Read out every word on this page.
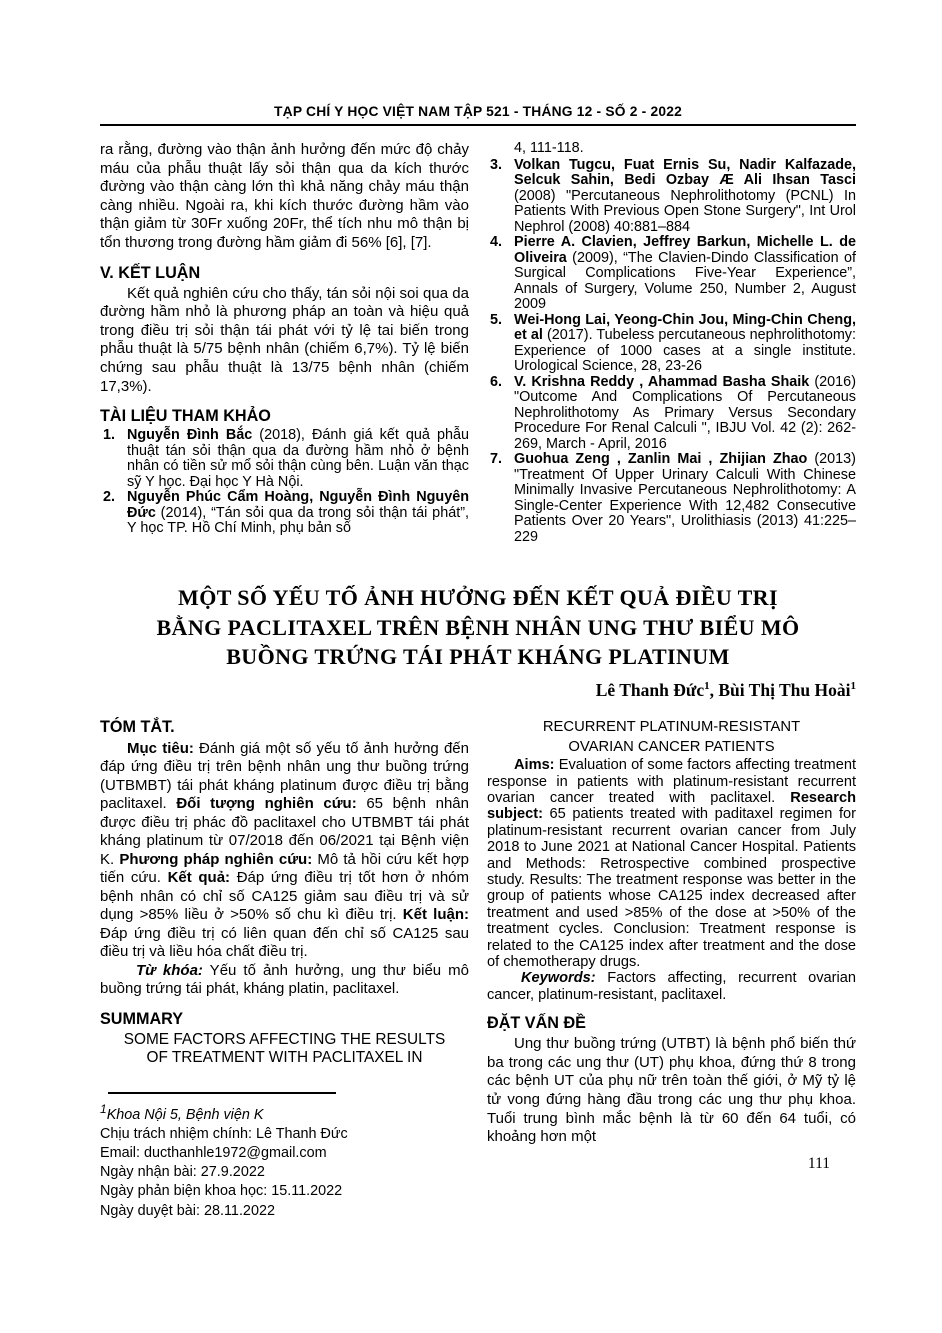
TẠP CHÍ Y HỌC VIỆT NAM TẬP 521 - THÁNG 12 - SỐ 2 - 2022

ra rằng, đường vào thận ảnh hưởng đến mức độ chảy máu của phẫu thuật lấy sỏi thận qua da kích thước đường vào thận càng lớn thì khả năng chảy máu thận càng nhiều. Ngoài ra, khi kích thước đường hầm vào thận giảm từ 30Fr xuống 20Fr, thể tích nhu mô thận bị tổn thương trong đường hầm giảm đi 56% [6], [7].

V. KẾT LUẬN

Kết quả nghiên cứu cho thấy, tán sỏi nội soi qua da đường hầm nhỏ là phương pháp an toàn và hiệu quả trong điều trị sỏi thận tái phát với tỷ lệ tai biến trong phẫu thuật là 5/75 bệnh nhân (chiếm 6,7%). Tỷ lệ biến chứng sau phẫu thuật là 13/75 bệnh nhân (chiếm 17,3%).

TÀI LIỆU THAM KHẢO
1. Nguyễn Đình Bắc (2018), Đánh giá kết quả phẫu thuật tán sỏi thận qua da đường hầm nhỏ ở bệnh nhân có tiền sử mổ sỏi thận cùng bên. Luận văn thạc sỹ Y học. Đại học Y Hà Nội.
2. Nguyễn Phúc Cẩm Hoàng, Nguyễn Đình Nguyên Đức (2014), “Tán sỏi qua da trong sỏi thận tái phát”, Y học TP. Hồ Chí Minh, phụ bản số
4, 111-118.
3. Volkan Tugcu, Fuat Ernis Su, Nadir Kalfazade, Selcuk Sahin, Bedi Ozbay Æ Ali Ihsan Tasci (2008) "Percutaneous Nephrolithotomy (PCNL) In Patients With Previous Open Stone Surgery", Int Urol Nephrol (2008) 40:881–884
4. Pierre A. Clavien, Jeffrey Barkun, Michelle L. de Oliveira (2009), “The Clavien-Dindo Classification of Surgical Complications Five-Year Experience”, Annals of Surgery, Volume 250, Number 2, August 2009
5. Wei-Hong Lai, Yeong-Chin Jou, Ming-Chin Cheng, et al (2017). Tubeless percutaneous nephrolithotomy: Experience of 1000 cases at a single institute. Urological Science, 28, 23-26
6. V. Krishna Reddy , Ahammad Basha Shaik (2016) "Outcome And Complications Of Percutaneous Nephrolithotomy As Primary Versus Secondary Procedure For Renal Calculi ", IBJU Vol. 42 (2): 262-269, March - April, 2016
7. Guohua Zeng , Zanlin Mai , Zhijian Zhao (2013) "Treatment Of Upper Urinary Calculi With Chinese Minimally Invasive Percutaneous Nephrolithotomy: A Single-Center Experience With 12,482 Consecutive Patients Over 20 Years", Urolithiasis (2013) 41:225–229
MỘT SỐ YẾU TỐ ẢNH HƯỞNG ĐẾN KẾT QUẢ ĐIỀU TRỊ
BẰNG PACLITAXEL TRÊN BỆNH NHÂN UNG THƯ BIỂU MÔ
BUỒNG TRỨNG TÁI PHÁT KHÁNG PLATINUM
Lê Thanh Đức$^1$, Bùi Thị Thu Hoài$^1$
TÓM TẮT.

Mục tiêu: Đánh giá một số yếu tố ảnh hưởng đến đáp ứng điều trị trên bệnh nhân ung thư buồng trứng (UTBMBT) tái phát kháng platinum được điều trị bằng paclitaxel. Đối tượng nghiên cứu: 65 bệnh nhân được điều trị phác đồ paclitaxel cho UTBMBT tái phát kháng platinum từ 07/2018 đến 06/2021 tại Bệnh viện K. Phương pháp nghiên cứu: Mô tả hồi cứu kết hợp tiến cứu. Kết quả: Đáp ứng điều trị tốt hơn ở nhóm bệnh nhân có chỉ số CA125 giảm sau điều trị và sử dụng >85% liều ở >50% số chu kì điều trị. Kết luận: Đáp ứng điều trị có liên quan đến chỉ số CA125 sau điều trị và liều hóa chất điều trị.

Từ khóa: Yếu tố ảnh hưởng, ung thư biểu mô buồng trứng tái phát, kháng platin, paclitaxel.

SUMMARY
SOME FACTORS AFFECTING THE RESULTS
OF TREATMENT WITH PACLITAXEL IN
$^1$Khoa Nội 5, Bệnh viện K
Chịu trách nhiệm chính: Lê Thanh Đức
Email: ducthanhle1972@gmail.com
Ngày nhận bài: 27.9.2022
Ngày phản biện khoa học: 15.11.2022
Ngày duyệt bài: 28.11.2022
RECURRENT PLATINUM-RESISTANT
OVARIAN CANCER PATIENTS

Aims: Evaluation of some factors affecting treatment response in patients with platinum-resistant recurrent ovarian cancer treated with paclitaxel. Research subject: 65 patients treated with paditaxel regimen for platinum-resistant recurrent ovarian cancer from July 2018 to June 2021 at National Cancer Hospital. Patients and Methods: Retrospective combined prospective study. Results: The treatment response was better in the group of patients whose CA125 index decreased after treatment and used >85% of the dose at >50% of the treatment cycles. Conclusion: Treatment response is related to the CA125 index after treatment and the dose of chemotherapy drugs.

Keywords: Factors affecting, recurrent ovarian cancer, platinum-resistant, paclitaxel.

ĐẶT VẤN ĐỀ

Ung thư buồng trứng (UTBT) là bệnh phổ biến thứ ba trong các ung thư (UT) phụ khoa, đứng thứ 8 trong các bệnh UT của phụ nữ trên toàn thế giới, ở Mỹ tỷ lệ tử vong đứng hàng đầu trong các ung thư phụ khoa. Tuổi trung bình mắc bệnh là từ 60 đến 64 tuổi, có khoảng hơn một

111
